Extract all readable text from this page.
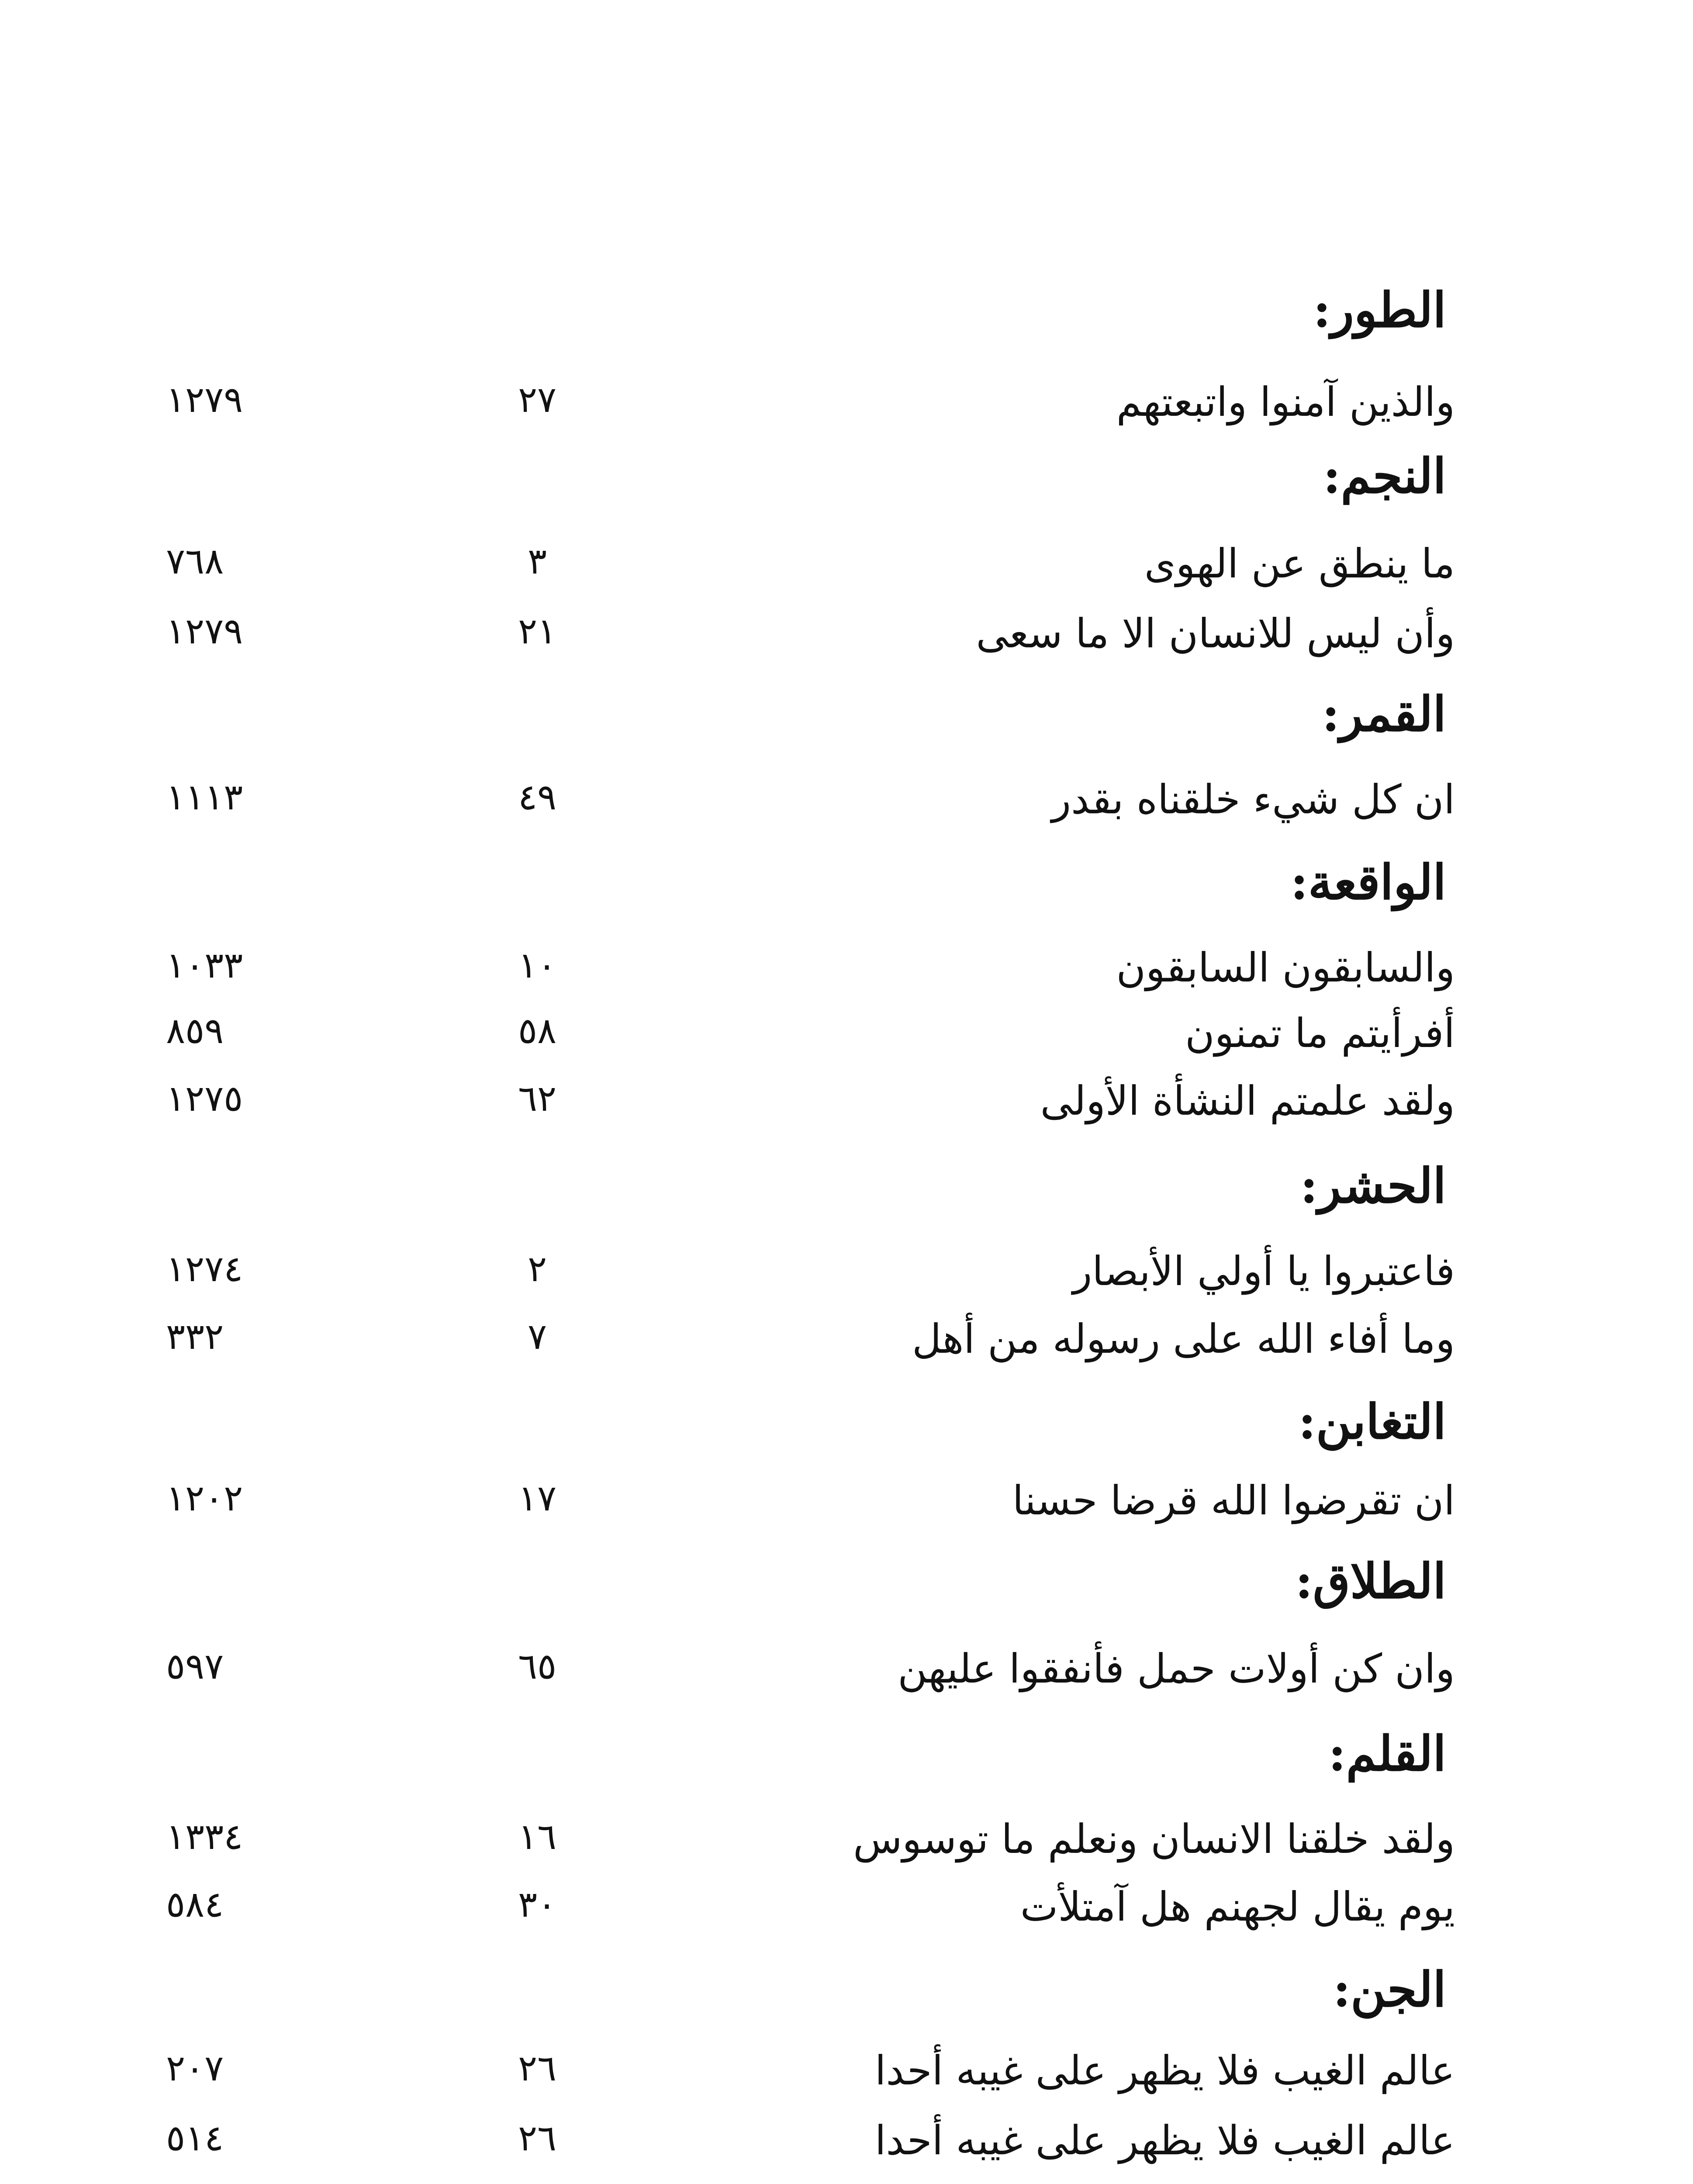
الطور:
والذين آمنوا واتبعتهم
٢٧
١٢٧٩
النجم:
ما ينطق عن الهوى
٣
٧٦٨
وأن ليس للانسان الا ما سعى
٢١
١٢٧٩
القمر:
ان كل شيء خلقناه بقدر
٤٩
١١١٣
الواقعة:
والسابقون السابقون
١٠
١٠٣٣
أفرأيتم ما تمنون
٥٨
٨٥٩
ولقد علمتم النشأة الأولى
٦٢
١٢٧٥
الحشر:
فاعتبروا يا أولي الأبصار
٢
١٢٧٤
وما أفاء الله على رسوله من أهل
٧
٣٣٢
التغابن:
ان تقرضوا الله قرضا حسنا
١٧
١٢٠٢
الطلاق:
وان كن أولات حمل فأنفقوا عليهن
٦٥
٥٩٧
القلم:
ولقد خلقنا الانسان ونعلم ما توسوس
١٦
١٣٣٤
يوم يقال لجهنم هل آمتلأت
٣٠
٥٨٤
الجن:
عالم الغيب فلا يظهر على غيبه أحدا
٢٦
٢٠٧
عالم الغيب فلا يظهر على غيبه أحدا
٢٦
٥١٤
